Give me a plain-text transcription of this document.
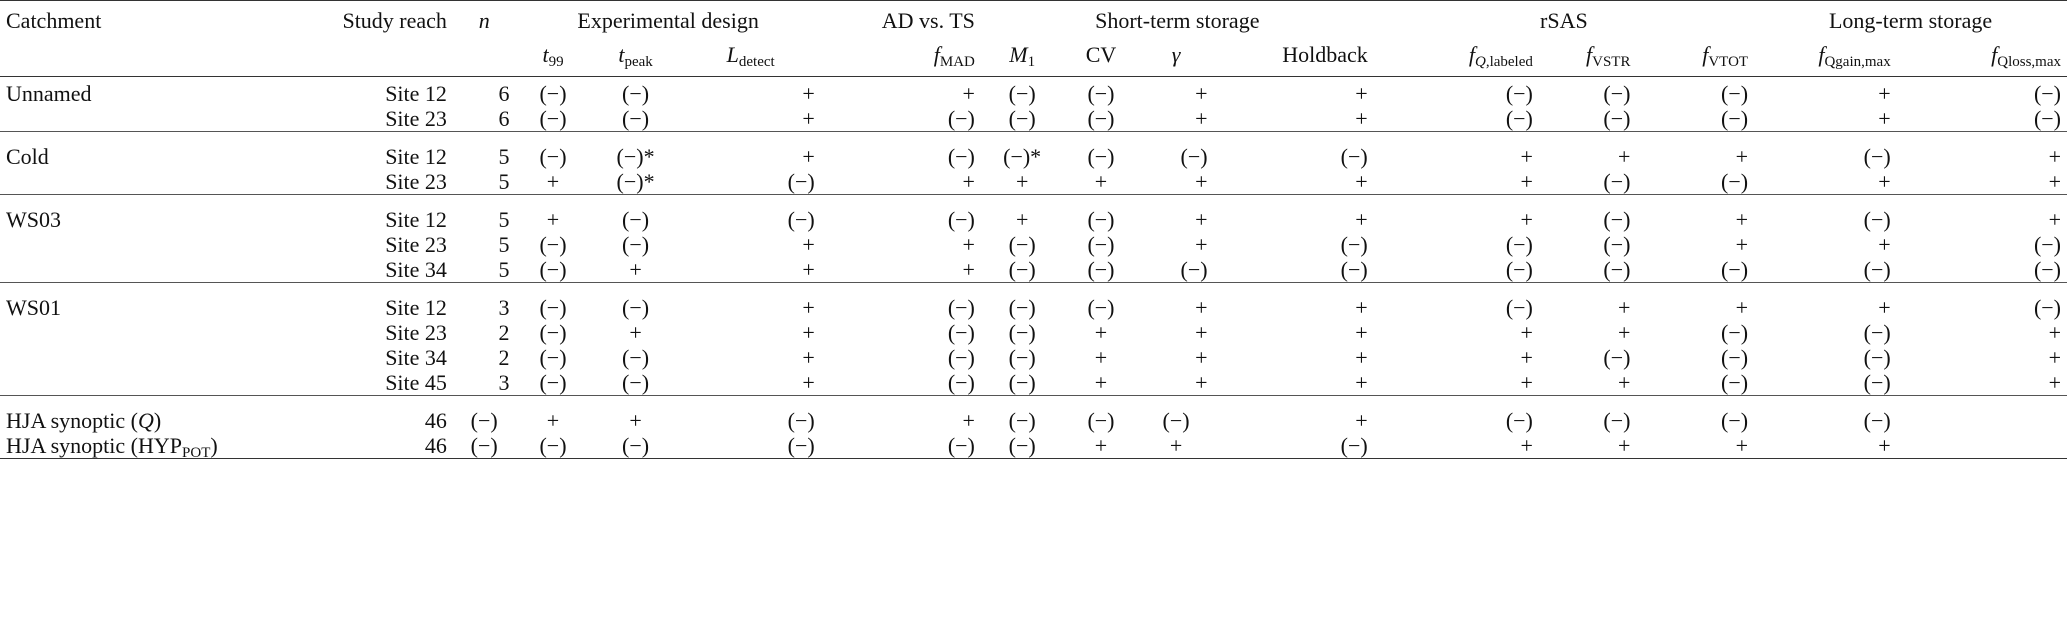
Catchment	Study reach	n	Experimental design			AD vs. TS	Short-term storage				rSAS			Long-term storage	
			$t_{99}$	$t_{peak}$	$L_{detect}$	$f_{MAD}$	$M_1$	CV	γ	Holdback	$f_{Q,labeled}$	$f_{VSTR}$	$f_{VTOT}$	$f_{Qgain,max}$	$f_{Qloss,max}$

Unnamed	Site 12	6	(−)	(−)	+	+	(−)	(−)	+	+	(−)	(−)	(−)	+	(−)
	Site 23	6	(−)	(−)	+	(−)	(−)	(−)	+	+	(−)	(−)	(−)	+	(−)

Cold	Site 12	5	(−)	(−)*	+	(−)	(−)*	(−)	(−)	(−)	+	+	+	(−)	+
	Site 23	5	+	(−)*	(−)	+	+	+	+	+	+	(−)	(−)	+	+

WS03	Site 12	5	+	(−)	(−)	(−)	+	(−)	+	+	+	(−)	+	(−)	+
	Site 23	5	(−)	(−)	+	+	(−)	(−)	+	(−)	(−)	(−)	+	+	(−)
	Site 34	5	(−)	+	+	+	(−)	(−)	(−)	(−)	(−)	(−)	(−)	(−)	(−)

WS01	Site 12	3	(−)	(−)	+	(−)	(−)	(−)	+	+	(−)	+	+	+	(−)
	Site 23	2	(−)	+	+	(−)	(−)	+	+	+	+	+	(−)	(−)	+
	Site 34	2	(−)	(−)	+	(−)	(−)	+	+	+	+	(−)	(−)	(−)	+
	Site 45	3	(−)	(−)	+	(−)	(−)	+	+	+	+	+	(−)	(−)	+

HJA synoptic (Q)	46	(−)	+	+	(−)	+	(−)	(−)	(−)	+	(−)	(−)	(−)	(−)	
HJA synoptic $(HYP_{POT})$	46	(−)	(−)	(−)	(−)	(−)	(−)	+	+	(−)	+	+	+	+	
